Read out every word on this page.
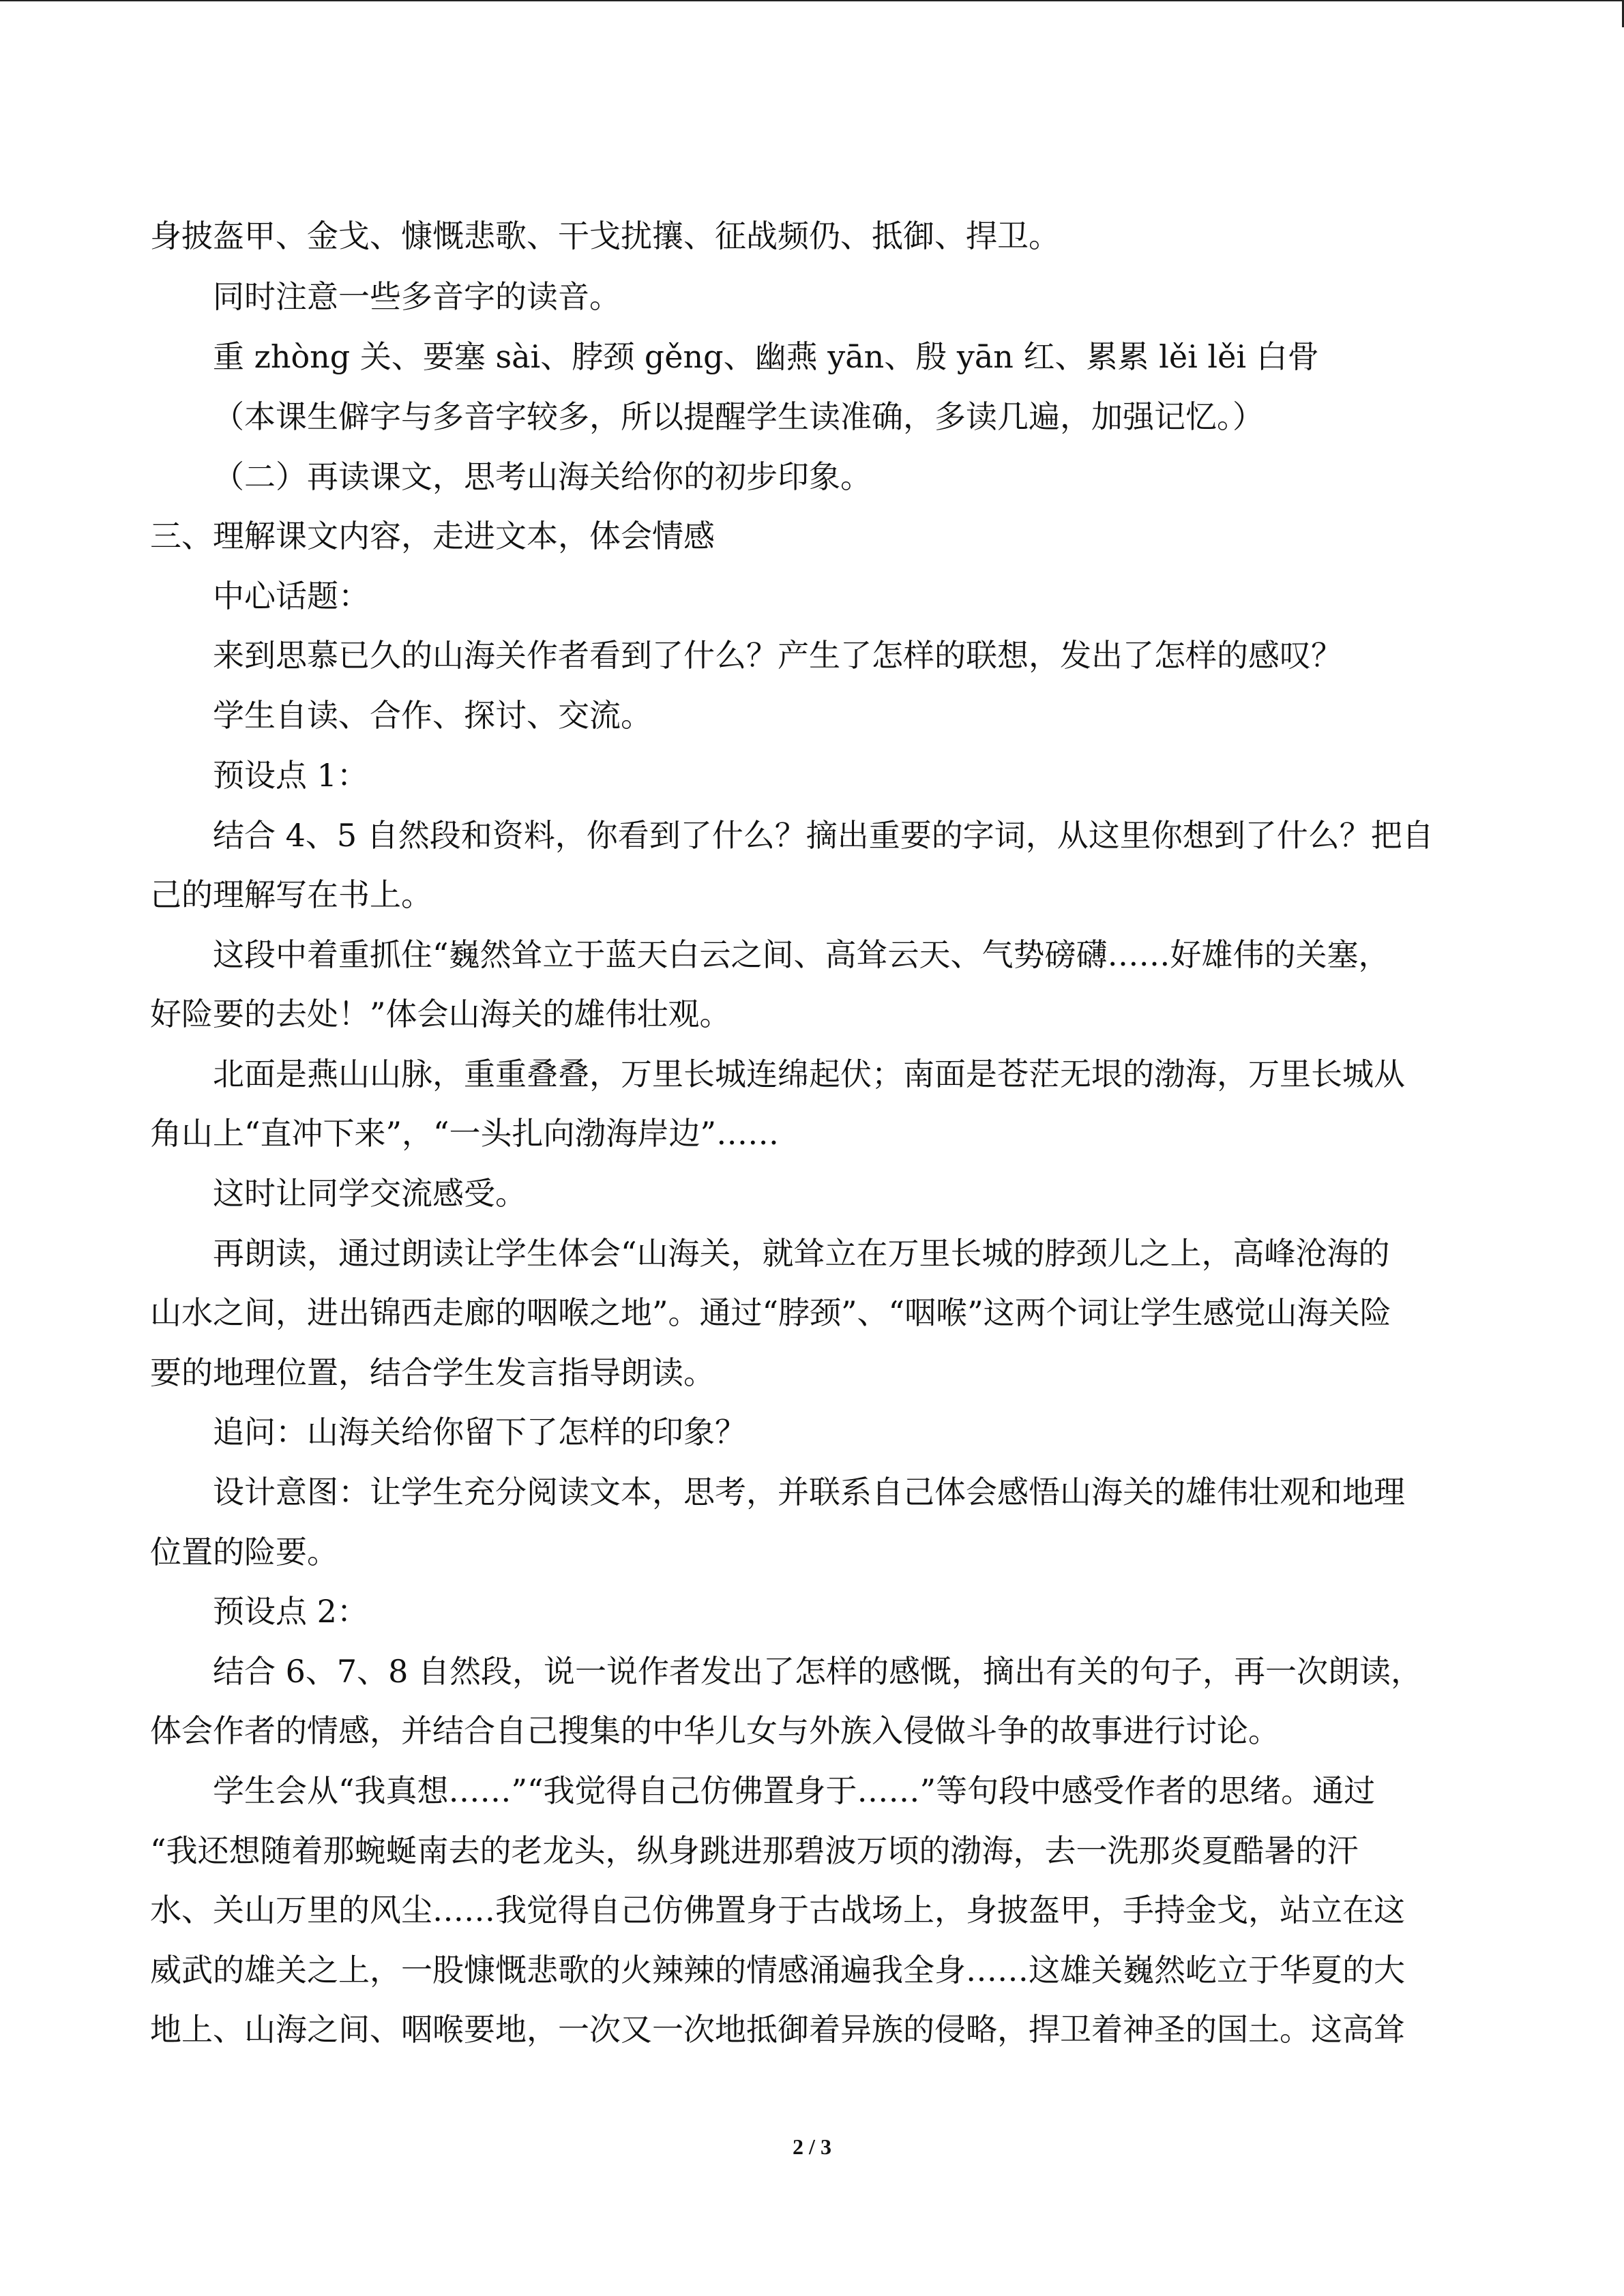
身披盔甲、金戈、慷慨悲歌、干戈扰攘、征战频仍、抵御、捍卫。
同时注意一些多音字的读音。
重 zhòng 关、要塞 sài、脖颈 gěng、幽燕 yān、殷 yān 红、累累 lěi lěi 白骨
（本课生僻字与多音字较多，所以提醒学生读准确，多读几遍，加强记忆。）
（二）再读课文，思考山海关给你的初步印象。
三、理解课文内容，走进文本，体会情感
中心话题：
来到思慕已久的山海关作者看到了什么？产生了怎样的联想，发出了怎样的感叹？
学生自读、合作、探讨、交流。
预设点 1：
结合 4、5 自然段和资料，你看到了什么？摘出重要的字词，从这里你想到了什么？把自
己的理解写在书上。
这段中着重抓住“巍然耸立于蓝天白云之间、高耸云天、气势磅礴……好雄伟的关塞，
好险要的去处！”体会山海关的雄伟壮观。
北面是燕山山脉，重重叠叠，万里长城连绵起伏；南面是苍茫无垠的渤海，万里长城从
角山上“直冲下来”，“一头扎向渤海岸边”……
这时让同学交流感受。
再朗读，通过朗读让学生体会“山海关，就耸立在万里长城的脖颈儿之上，高峰沧海的
山水之间，进出锦西走廊的咽喉之地”。通过“脖颈”、“咽喉”这两个词让学生感觉山海关险
要的地理位置，结合学生发言指导朗读。
追问：山海关给你留下了怎样的印象？
设计意图：让学生充分阅读文本，思考，并联系自己体会感悟山海关的雄伟壮观和地理
位置的险要。
预设点 2：
结合 6、7、8 自然段，说一说作者发出了怎样的感慨，摘出有关的句子，再一次朗读，
体会作者的情感，并结合自己搜集的中华儿女与外族入侵做斗争的故事进行讨论。
学生会从“我真想……”“我觉得自己仿佛置身于……”等句段中感受作者的思绪。通过
“我还想随着那蜿蜒南去的老龙头，纵身跳进那碧波万顷的渤海，去一洗那炎夏酷暑的汗
水、关山万里的风尘……我觉得自己仿佛置身于古战场上，身披盔甲，手持金戈，站立在这
威武的雄关之上，一股慷慨悲歌的火辣辣的情感涌遍我全身……这雄关巍然屹立于华夏的大
地上、山海之间、咽喉要地，一次又一次地抵御着异族的侵略，捍卫着神圣的国土。这高耸
2 / 3
